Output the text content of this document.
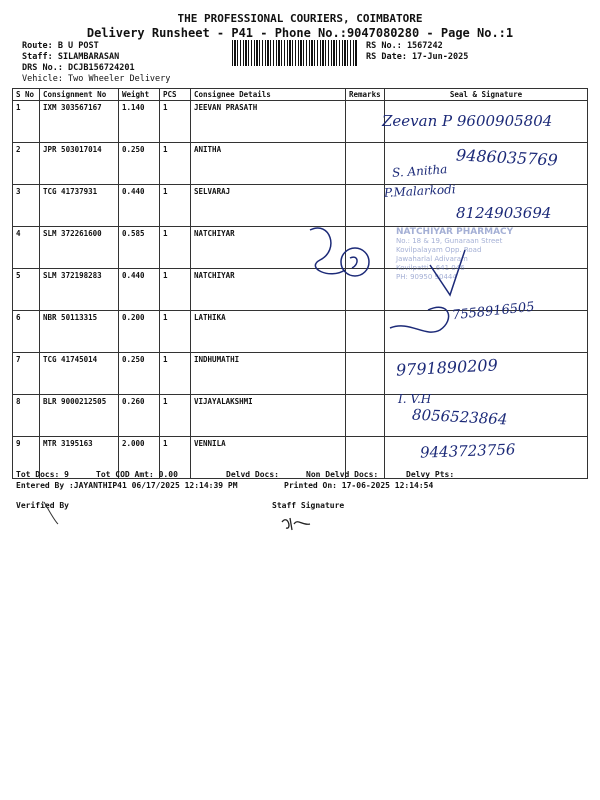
THE PROFESSIONAL COURIERS, COIMBATORE
Delivery Runsheet - P41 - Phone No.:9047080280 - Page No.:1
Route: B U POST
Staff: SILAMBARASAN
DRS No.: DCJB156724201
Vehicle: Two Wheeler Delivery
RS No.: 1567242
RS Date: 17-Jun-2025
S No	Consignment No	Weight	PCS	Consignee Details	Remarks	Seal & Signature
1	IXM 303567167	1.140	1	JEEVAN PRASATH		
2	JPR 503017014	0.250	1	ANITHA		
3	TCG 41737931	0.440	1	SELVARAJ		
4	SLM 372261600	0.585	1	NATCHIYAR		
5	SLM 372198283	0.440	1	NATCHIYAR		
6	NBR 50113315	0.200	1	LATHIKA		
7	TCG 41745014	0.250	1	INDHUMATHI		
8	BLR 9000212505	0.260	1	VIJAYALAKSHMI		
9	MTR 3195163	2.000	1	VENNILA		
Zeevan P 9600905804
9486035769
S. Anitha
P.Malarkodi
8124903694
NATCHIYAR PHARMACY
No.: 18 & 19, Gunaraan Street
Kovilpalayam Opp. Road
Jawaharlal Adivaram
Kovilpatti - 641 046
PH: 90950 90444
7558916505
9791890209
I. V.H
8056523864
9443723756
Tot Docs: 9	Tot COD Amt: 0.00	Delvd Docs:	Non Delvd Docs:	Delvy Pts:
Entered By :JAYANTHIP41 06/17/2025 12:14:39 PM	Printed On: 17-06-2025 12:14:54
Verified By	Staff Signature
